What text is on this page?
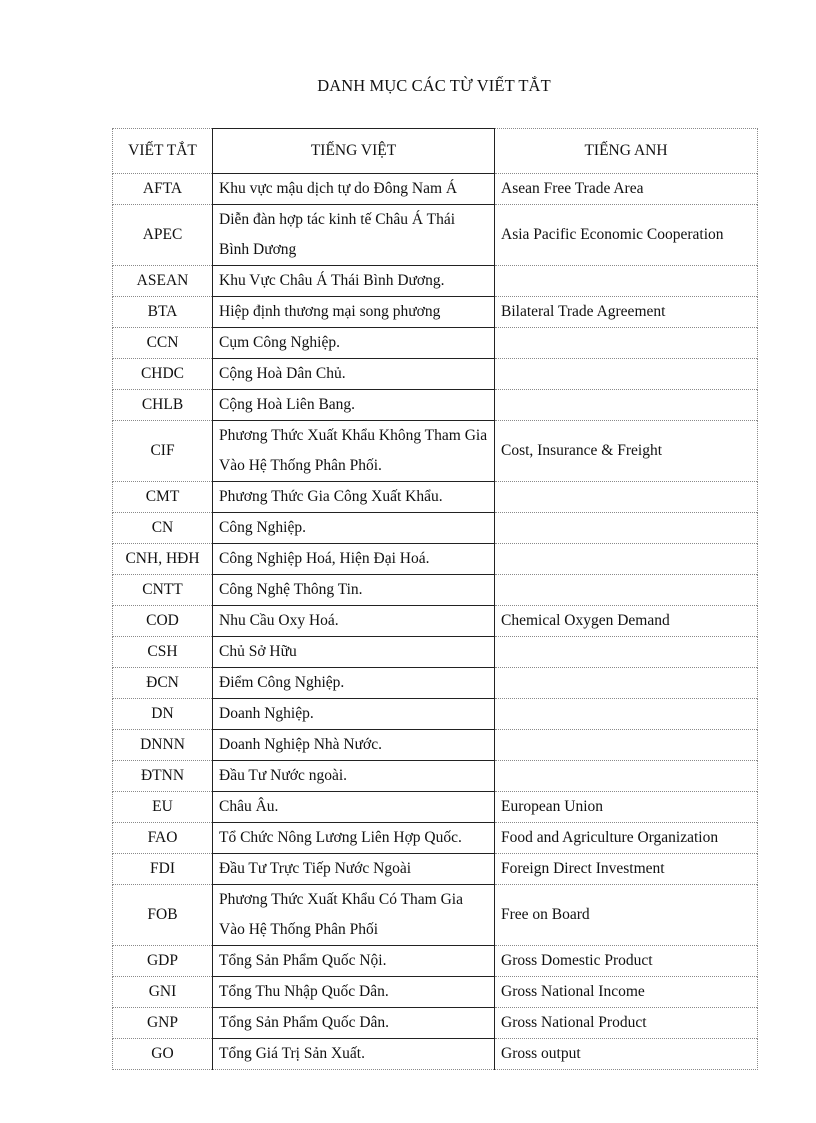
DANH MỤC CÁC TỪ VIẾT TẮT
VIẾT TẮT	TIẾNG VIỆT	TIẾNG ANH
AFTA	Khu vực mậu dịch tự do Đông Nam Á	Asean Free Trade Area
APEC	Diễn đàn hợp tác kinh tế Châu Á Thái Bình Dương	Asia Pacific Economic Cooperation
ASEAN	Khu Vực Châu Á Thái Bình Dương.	
BTA	Hiệp định thương mại song phương	Bilateral Trade Agreement
CCN	Cụm Công Nghiệp.	
CHDC	Cộng Hoà Dân Chủ.	
CHLB	Cộng Hoà Liên Bang.	
CIF	Phương Thức Xuất Khẩu Không Tham Gia Vào Hệ Thống Phân Phối.	Cost, Insurance & Freight
CMT	Phương Thức Gia Công Xuất Khẩu.	
CN	Công Nghiệp.	
CNH, HĐH	Công Nghiệp Hoá, Hiện Đại Hoá.	
CNTT	Công Nghệ Thông Tin.	
COD	Nhu Cầu Oxy Hoá.	Chemical Oxygen Demand
CSH	Chủ Sở Hữu	
ĐCN	Điểm Công Nghiệp.	
DN	Doanh Nghiệp.	
DNNN	Doanh Nghiệp Nhà Nước.	
ĐTNN	Đầu Tư Nước ngoài.	
EU	Châu Âu.	European Union
FAO	Tổ Chức Nông Lương Liên Hợp Quốc.	Food and Agriculture Organization
FDI	Đầu Tư Trực Tiếp Nước Ngoài	Foreign Direct Investment
FOB	Phương Thức Xuất Khẩu Có Tham Gia Vào Hệ Thống Phân Phối	Free on Board
GDP	Tổng Sản Phẩm Quốc Nội.	Gross Domestic Product
GNI	Tổng Thu Nhập Quốc Dân.	Gross National Income
GNP	Tổng Sản Phẩm Quốc Dân.	Gross National Product
GO	Tổng Giá Trị Sản Xuất.	Gross output
